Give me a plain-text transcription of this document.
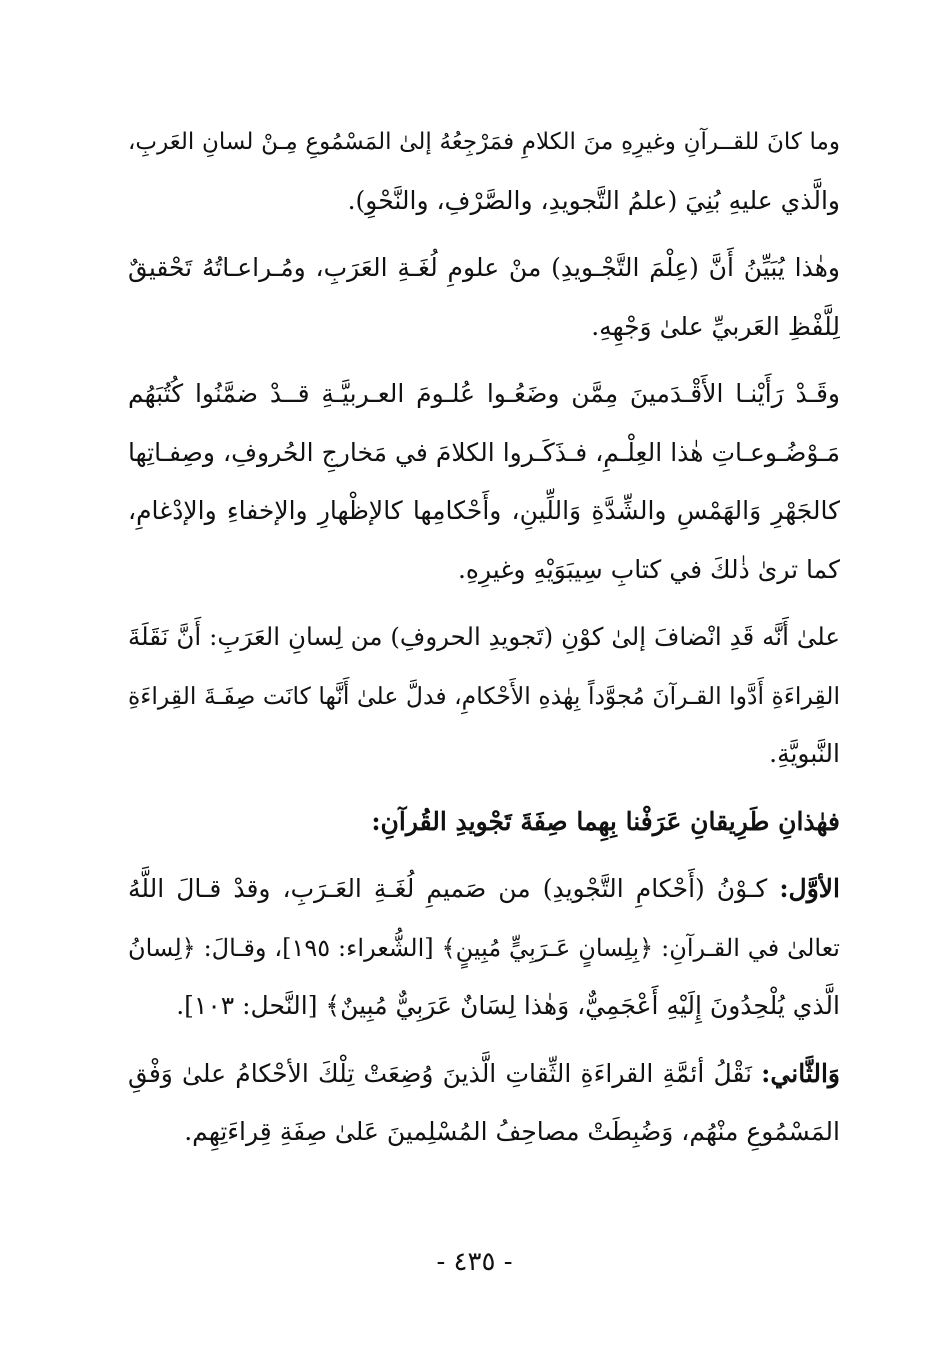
وما كانَ للقــرآنِ وغيرِهِ منَ الكلامِ فمَرْجِعُهُ إلىٰ المَسْمُوعِ مِـنْ لسانِ العَربِ،
والَّذي عليهِ بُنِيَ (علمُ التَّجويدِ، والصَّرْفِ، والنَّحْوِ).
وهٰذا يُبَيِّنُ أَنَّ (عِلْمَ التَّجْـويدِ) منْ علومِ لُغَـةِ العَرَبِ، ومُـراعـاتُهُ تَحْقيقٌ
لِلَّفْظِ العَربيِّ علىٰ وَجْهِهِ.
وقَـدْ رَأَيْنـا الأَقْـدَمينَ مِمَّن وضَعُـوا عُلـومَ العـربيَّـةِ قــدْ ضمَّنُوا كُتُبَهُم
مَـوْضُـوعـاتِ هٰذا العِلْـمِ، فـذَكَـروا الكلامَ في مَخارجِ الحُروفِ، وصِفـاتِها
كالجَهْرِ وَالهَمْسِ والشِّدَّةِ وَاللِّينِ، وأَحْكامِها كالإظْهارِ والإخفاءِ والإدْغامِ،
كما ترىٰ ذٰلكَ في كتابِ سِيبَوَيْهِ وغيرِهِ.
علىٰ أَنَّه قَدِ انْضافَ إلىٰ كوْنِ (تَجويدِ الحروفِ) من لِسانِ العَرَبِ: أَنَّ نَقَلَةَ
القِراءَةِ أَدَّوا القـرآنَ مُجوَّداً بِهٰذهِ الأَحْكامِ، فدلَّ علىٰ أَنَّها كانَت صِفَـةَ القِراءَةِ
النَّبويَّةِ.
فهٰذانِ طَرِيقانِ عَرَفْنا بِهِما صِفَةَ تَجْويدِ القُرآنِ:
الأوَّل: كـوْنُ (أَحْكامِ التَّجْويدِ) من صَميمِ لُغَـةِ العَـرَبِ، وقدْ قـالَ اللَّهُ
تعالىٰ في القـرآنِ: ﴿بِلِسانٍ عَـرَبِيٍّ مُبِينٍ﴾ [الشُّعراء: ١٩٥]، وقـالَ: ﴿لِسانُ
الَّذي يُلْحِدُونَ إِلَيْهِ أَعْجَمِيٌّ، وَهٰذا لِسَانٌ عَرَبِيٌّ مُبِينٌ﴾ [النَّحل: ١٠٣].
وَالثَّاني: نَقْلُ أئمَّةِ القراءَةِ الثِّقاتِ الَّذينَ وُضِعَتْ تِلْكَ الأحْكامُ علىٰ وَفْقِ
المَسْمُوعِ منْهُم، وَضُبِطَتْ مصاحِفُ المُسْلِمينَ عَلىٰ صِفَةِ قِراءَتِهِم.
- ٤٣٥ -
